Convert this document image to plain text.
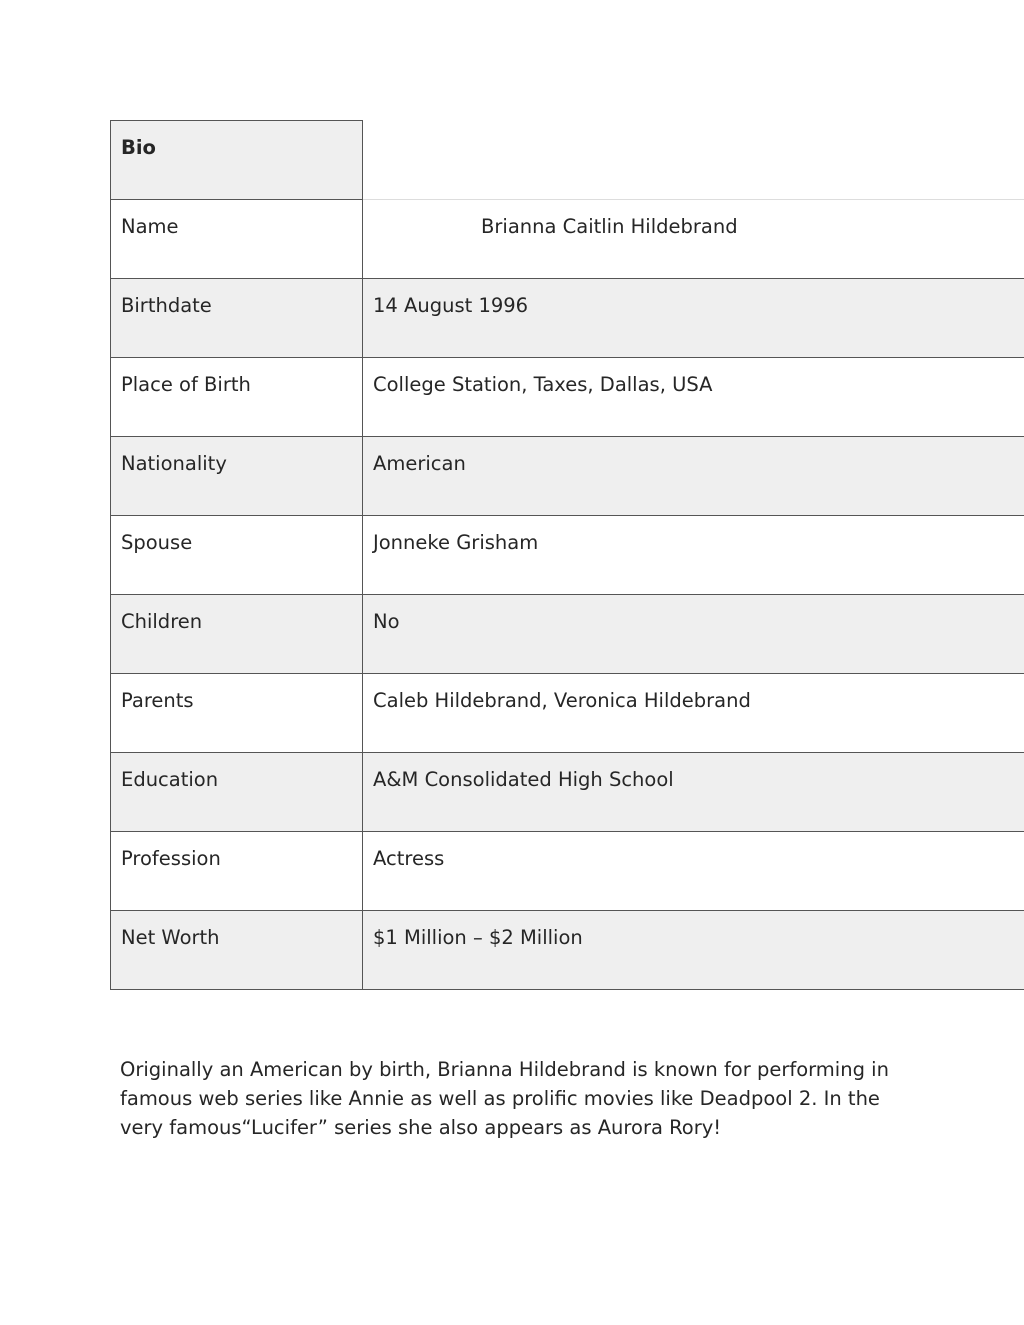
Bio	
Name	Brianna Caitlin Hildebrand
Birthdate	14 August 1996
Place of Birth	College Station, Taxes, Dallas, USA
Nationality	American
Spouse	Jonneke Grisham
Children	No
Parents	Caleb Hildebrand, Veronica Hildebrand
Education	A&M Consolidated High School
Profession	Actress
Net Worth	$1 Million – $2 Million

Originally an American by birth, Brianna Hildebrand is known for performing in famous web series like Annie as well as prolific movies like Deadpool 2. In the very famous“Lucifer” series she also appears as Aurora Rory!
